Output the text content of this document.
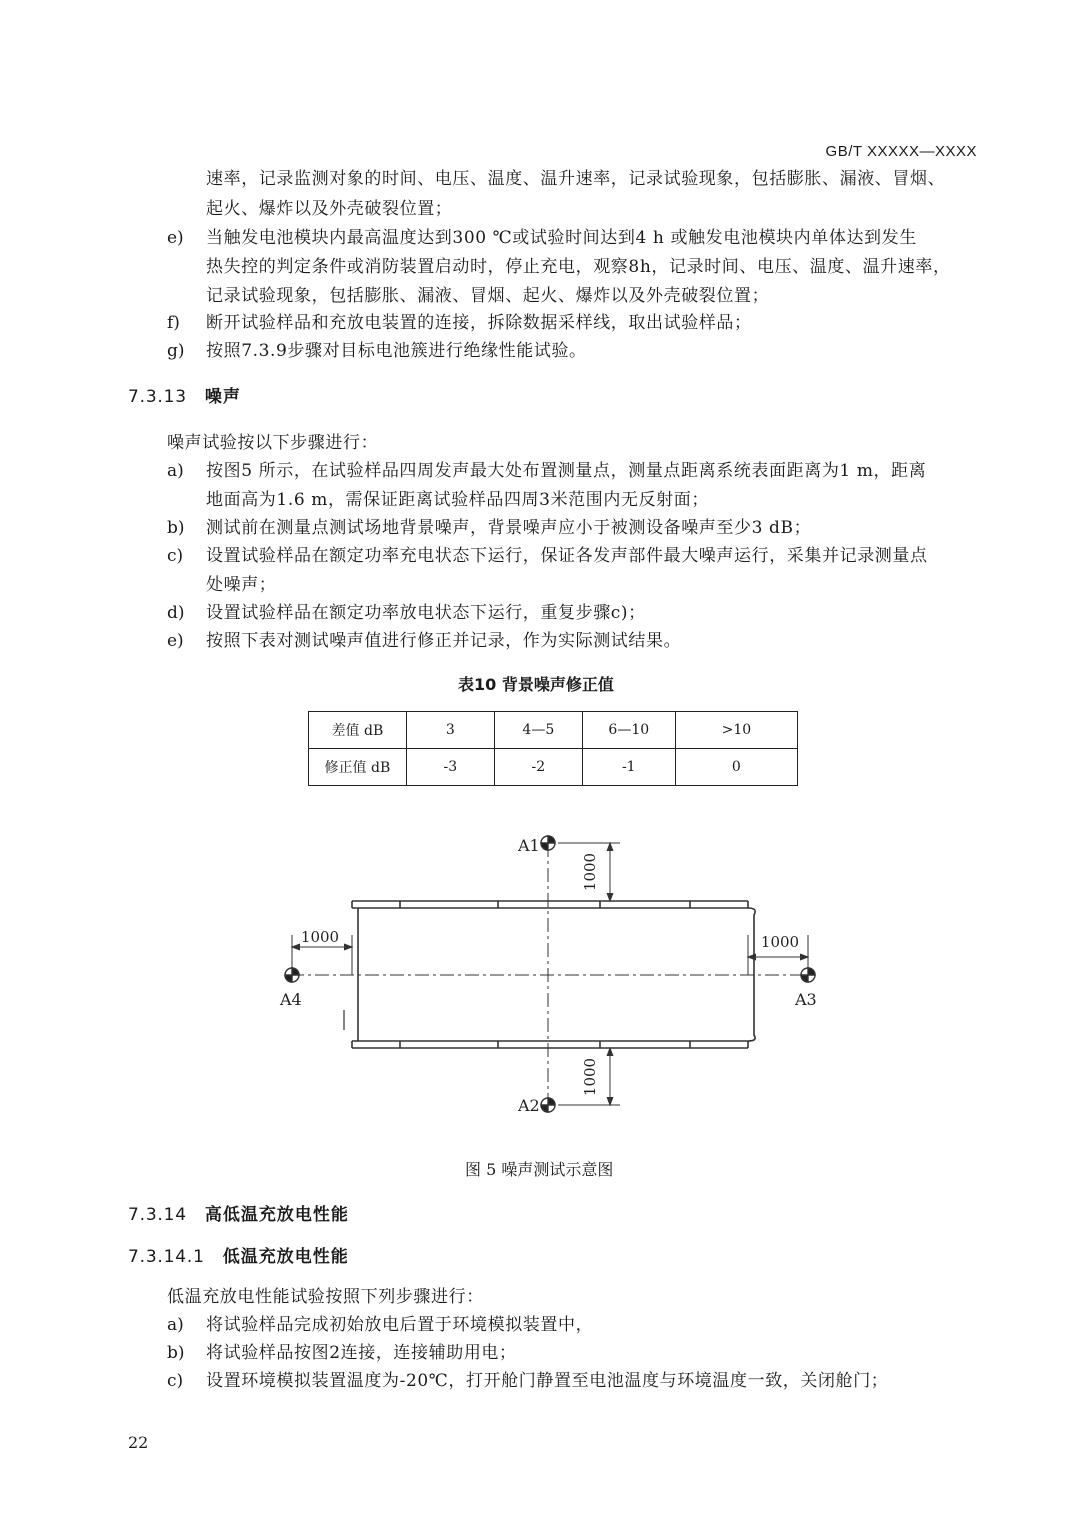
GB/T XXXXX—XXXX
速率，记录监测对象的时间、电压、温度、温升速率，记录试验现象，包括膨胀、漏液、冒烟、
起火、爆炸以及外壳破裂位置；
e) 当触发电池模块内最高温度达到300 ℃或试验时间达到4 h 或触发电池模块内单体达到发生
热失控的判定条件或消防装置启动时，停止充电，观察8h，记录时间、电压、温度、温升速率，
记录试验现象，包括膨胀、漏液、冒烟、起火、爆炸以及外壳破裂位置；
f) 断开试验样品和充放电装置的连接，拆除数据采样线，取出试验样品；
g) 按照7.3.9步骤对目标电池簇进行绝缘性能试验。
7.3.13 噪声
噪声试验按以下步骤进行：
a) 按图5 所示，在试验样品四周发声最大处布置测量点，测量点距离系统表面距离为1 m，距离
地面高为1.6 m，需保证距离试验样品四周3米范围内无反射面；
b) 测试前在测量点测试场地背景噪声，背景噪声应小于被测设备噪声至少3 dB；
c) 设置试验样品在额定功率充电状态下运行，保证各发声部件最大噪声运行，采集并记录测量点
处噪声；
d) 设置试验样品在额定功率放电状态下运行，重复步骤c)；
e) 按照下表对测试噪声值进行修正并记录，作为实际测试结果。
表10 背景噪声修正值
差值 dB	3	4—5	6—10	>10
修正值 dB	-3	-2	-1	0
1000
1000
1000	1000
A1
A2
A4	A3
图 5 噪声测试示意图
7.3.14 高低温充放电性能
7.3.14.1 低温充放电性能
低温充放电性能试验按照下列步骤进行：
a) 将试验样品完成初始放电后置于环境模拟装置中，
b) 将试验样品按图2连接，连接辅助用电；
c) 设置环境模拟装置温度为-20℃，打开舱门静置至电池温度与环境温度一致，关闭舱门；
22
